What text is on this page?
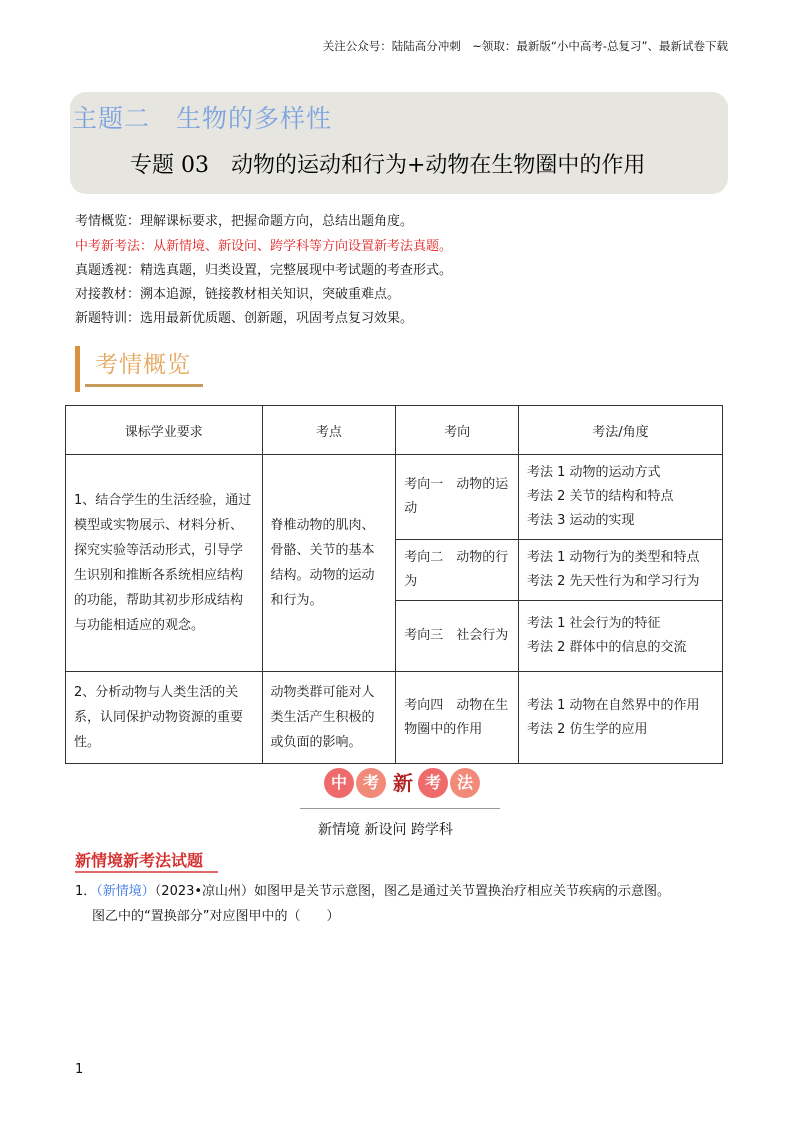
关注公众号：陆陆高分冲刺　~领取：最新版“小中高考-总复习”、最新试卷下载
主题二　生物的多样性
专题 03　动物的运动和行为+动物在生物圈中的作用
考情概览：理解课标要求，把握命题方向，总结出题角度。
中考新考法：从新情境、新设问、跨学科等方向设置新考法真题。
真题透视：精选真题，归类设置，完整展现中考试题的考查形式。
对接教材：溯本追源，链接教材相关知识，突破重难点。
新题特训：选用最新优质题、创新题，巩固考点复习效果。
考情概览
课标学业要求	考点	考向	考法/角度
1、结合学生的生活经验，通过模型或实物展示、材料分析、探究实验等活动形式，引导学生识别和推断各系统相应结构的功能，帮助其初步形成结构与功能相适应的观念。	脊椎动物的肌肉、骨骼、关节的基本结构。动物的运动和行为。	考向一　动物的运动	考法 1 动物的运动方式
考法 2 关节的结构和特点
考法 3 运动的实现

		考向二　动物的行为	考法 1 动物行为的类型和特点
考法 2 先天性行为和学习行为

		考向三　社会行为	考法 1 社会行为的特征
考法 2 群体中的信息的交流

2、分析动物与人类生活的关系，认同保护动物资源的重要性。	动物类群可能对人类生活产生积极的或负面的影响。	考向四　动物在生物圈中的作用	考法 1 动物在自然界中的作用
考法 2 仿生学的应用
中 考 新 考 法
新情境 新设问 跨学科
新情境新考法试题
1．（新情境）（2023•凉山州）如图甲是关节示意图，图乙是通过关节置换治疗相应关节疾病的示意图。
图乙中的“置换部分”对应图甲中的（　　）
1
